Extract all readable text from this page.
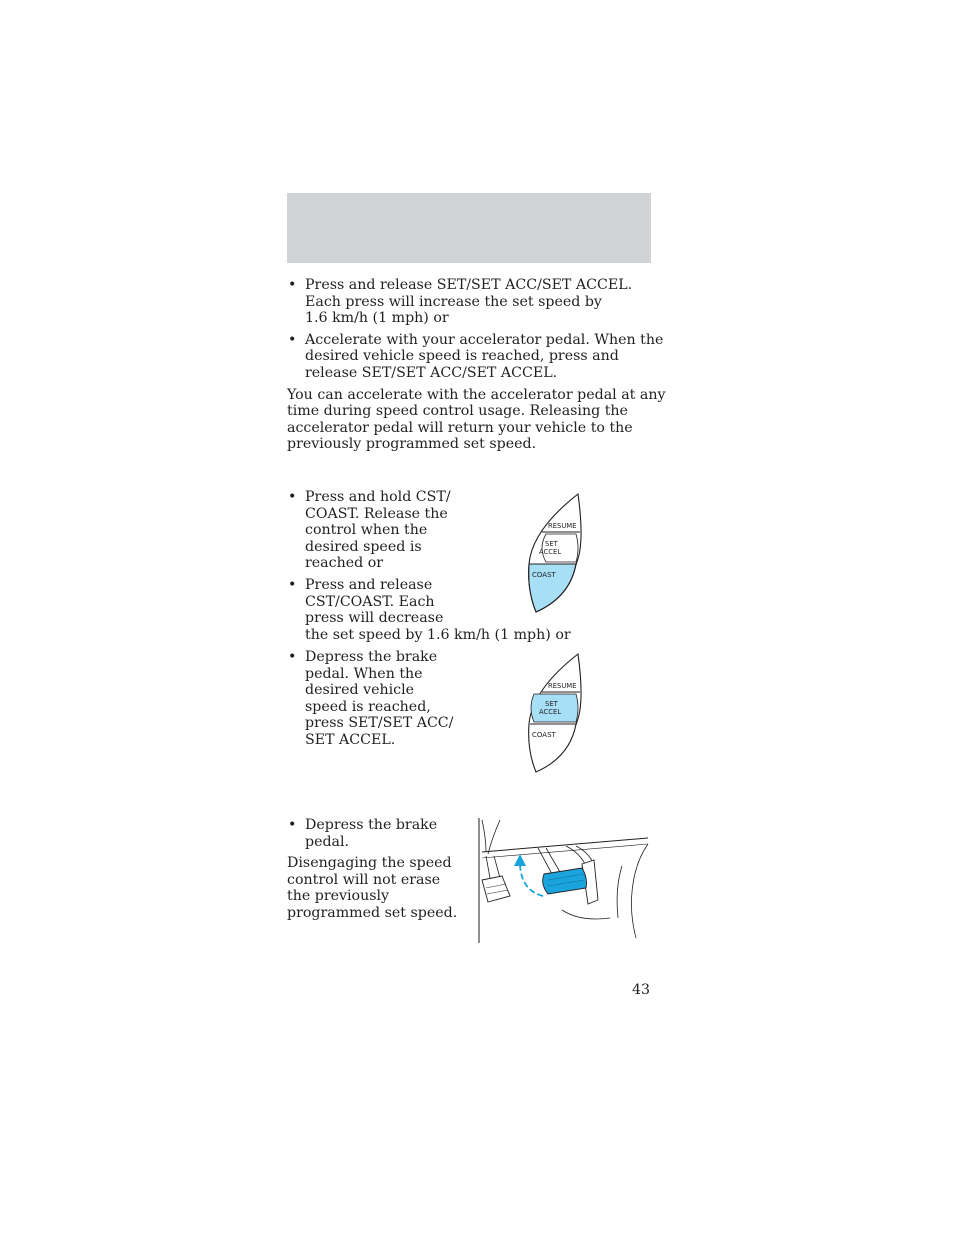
• Press and release SET/SET ACC/SET ACCEL.
Each press will increase the set speed by
1.6 km/h (1 mph) or
• Accelerate with your accelerator pedal. When the
desired vehicle speed is reached, press and
release SET/SET ACC/SET ACCEL.

You can accelerate with the accelerator pedal at any
time during speed control usage. Releasing the
accelerator pedal will return your vehicle to the
previously programmed set speed.

• Press and hold CST/
COAST. Release the
control when the
desired speed is
reached or
• Press and release
CST/COAST. Each
press will decrease
the set speed by 1.6 km/h (1 mph) or
• Depress the brake
pedal. When the
desired vehicle
speed is reached,
press SET/SET ACC/
SET ACCEL.
• Depress the brake
pedal.

Disengaging the speed
control will not erase
the previously
programmed set speed.

RESUME
SET
ACCEL
COAST
RESUME
SET
ACCEL
COAST
43
